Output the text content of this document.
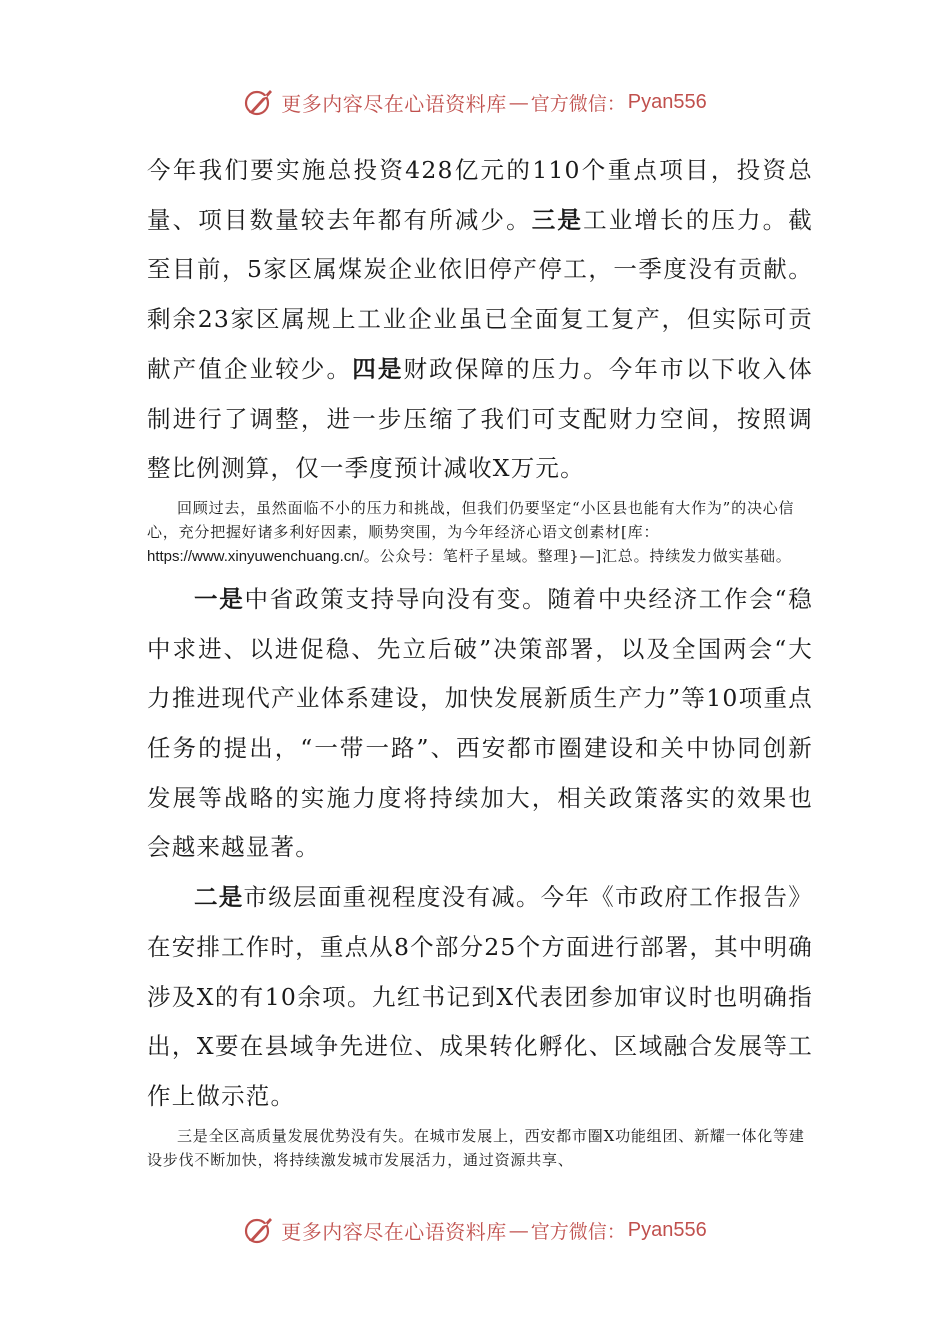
更多内容尽在心语资料库 — 官方微信： Pyan556

今年我们要实施总投资428亿元的110个重点项目，投资总量、项目数量较去年都有所减少。三是工业增长的压力。截至目前，5家区属煤炭企业依旧停产停工，一季度没有贡献。剩余23家区属规上工业企业虽已全面复工复产，但实际可贡献产值企业较少。四是财政保障的压力。今年市以下收入体制进行了调整，进一步压缩了我们可支配财力空间，按照调整比例测算，仅一季度预计减收X万元。

回顾过去，虽然面临不小的压力和挑战，但我们仍要坚定“小区县也能有大作为”的决心信心，充分把握好诸多利好因素，顺势突围，为今年经济心语文创素材[库：https://www.xinyuwenchuang.cn/。公众号：笔杆子星域。整理}—]汇总。持续发力做实基础。

一是中省政策支持导向没有变。随着中央经济工作会“稳中求进、以进促稳、先立后破”决策部署，以及全国两会“大力推进现代产业体系建设，加快发展新质生产力”等10项重点任务的提出，“一带一路”、西安都市圈建设和关中协同创新发展等战略的实施力度将持续加大，相关政策落实的效果也会越来越显著。

二是市级层面重视程度没有减。今年《市政府工作报告》在安排工作时，重点从8个部分25个方面进行部署，其中明确涉及X的有10余项。九红书记到X代表团参加审议时也明确指出，X要在县域争先进位、成果转化孵化、区域融合发展等工作上做示范。

三是全区高质量发展优势没有失。在城市发展上，西安都市圈X功能组团、新耀一体化等建设步伐不断加快，将持续激发城市发展活力，通过资源共享、

更多内容尽在心语资料库 — 官方微信： Pyan556
